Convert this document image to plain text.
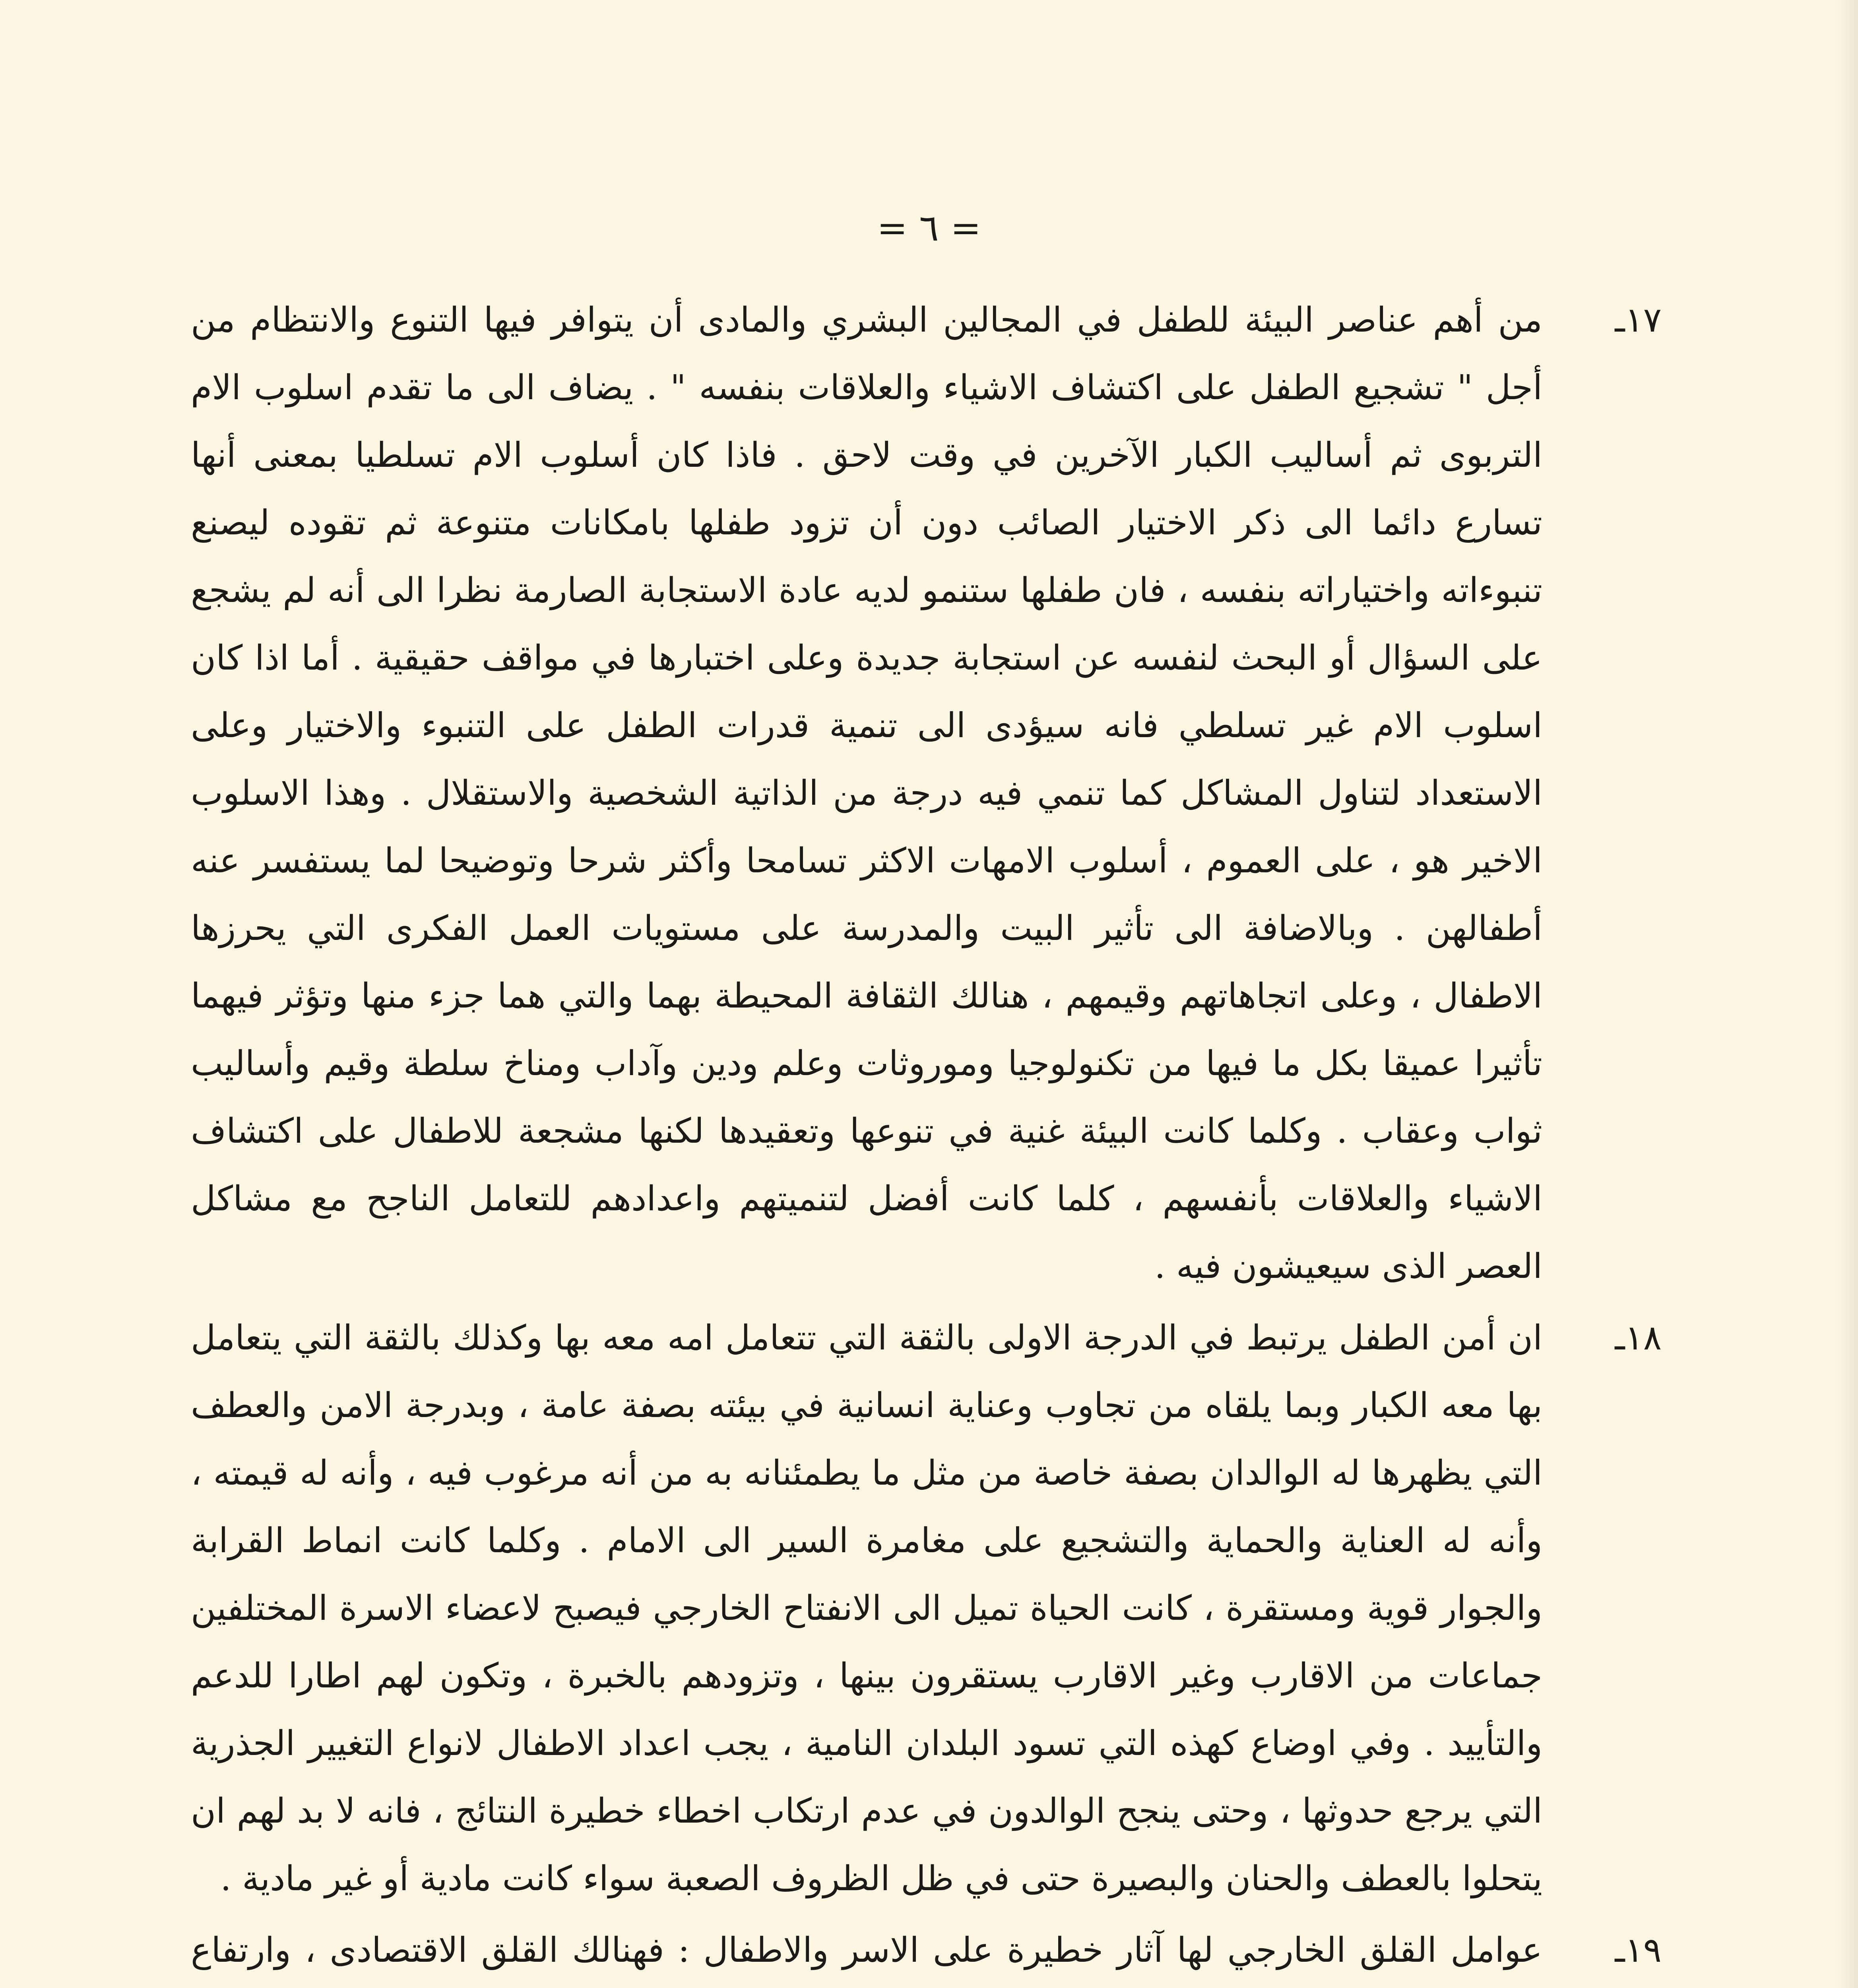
= ٦ =
١٧ـ
من أهم عناصر البيئة للطفل في المجالين البشري والمادى أن يتوافر فيها التنوع والانتظام من أجل " تشجيع الطفل على اكتشاف الاشياء والعلاقات بنفسه " . يضاف الى ما تقدم اسلوب الام التربوى ثم أساليب الكبار الآخرين في وقت لاحق . فاذا كان أسلوب الام تسلطيا بمعنى أنها تسارع دائما الى ذكر الاختيار الصائب دون أن تزود طفلها بامكانات متنوعة ثم تقوده ليصنع تنبوءاته واختياراته بنفسه ، فان طفلها ستنمو لديه عادة الاستجابة الصارمة نظرا الى أنه لم يشجع على السؤال أو البحث لنفسه عن استجابة جديدة وعلى اختبارها في مواقف حقيقية . أما اذا كان اسلوب الام غير تسلطي فانه سيؤدى الى تنمية قدرات الطفل على التنبوء والاختيار وعلى الاستعداد لتناول المشاكل كما تنمي فيه درجة من الذاتية الشخصية والاستقلال . وهذا الاسلوب الاخير هو ، على العموم ، أسلوب الامهات الاكثر تسامحا وأكثر شرحا وتوضيحا لما يستفسر عنه أطفالهن . وبالاضافة الى تأثير البيت والمدرسة على مستويات العمل الفكرى التي يحرزها الاطفال ، وعلى اتجاهاتهم وقيمهم ، هنالك الثقافة المحيطة بهما والتي هما جزء منها وتؤثر فيهما تأثيرا عميقا بكل ما فيها من تكنولوجيا وموروثات وعلم ودين وآداب ومناخ سلطة وقيم وأساليب ثواب وعقاب . وكلما كانت البيئة غنية في تنوعها وتعقيدها لكنها مشجعة للاطفال على اكتشاف الاشياء والعلاقات بأنفسهم ، كلما كانت أفضل لتنميتهم واعدادهم للتعامل الناجح مع مشاكل العصر الذى سيعيشون فيه .
١٨ـ
ان أمن الطفل يرتبط في الدرجة الاولى بالثقة التي تتعامل امه معه بها وكذلك بالثقة التي يتعامل بها معه الكبار وبما يلقاه من تجاوب وعناية انسانية في بيئته بصفة عامة ، وبدرجة الامن والعطف التي يظهرها له الوالدان بصفة خاصة من مثل ما يطمئنانه به من أنه مرغوب فيه ، وأنه له قيمته ، وأنه له العناية والحماية والتشجيع على مغامرة السير الى الامام . وكلما كانت انماط القرابة والجوار قوية ومستقرة ، كانت الحياة تميل الى الانفتاح الخارجي فيصبح لاعضاء الاسرة المختلفين جماعات من الاقارب وغير الاقارب يستقرون بينها ، وتزودهم بالخبرة ، وتكون لهم اطارا للدعم والتأييد . وفي اوضاع كهذه التي تسود البلدان النامية ، يجب اعداد الاطفال لانواع التغيير الجذرية التي يرجع حدوثها ، وحتى ينجح الوالدون في عدم ارتكاب اخطاء خطيرة النتائج ، فانه لا بد لهم ان يتحلوا بالعطف والحنان والبصيرة حتى في ظل الظروف الصعبة سواء كانت مادية أو غير مادية .
١٩ـ
عوامل القلق الخارجي لها آثار خطيرة على الاسر والاطفال : فهنالك القلق الاقتصادى ، وارتفاع
